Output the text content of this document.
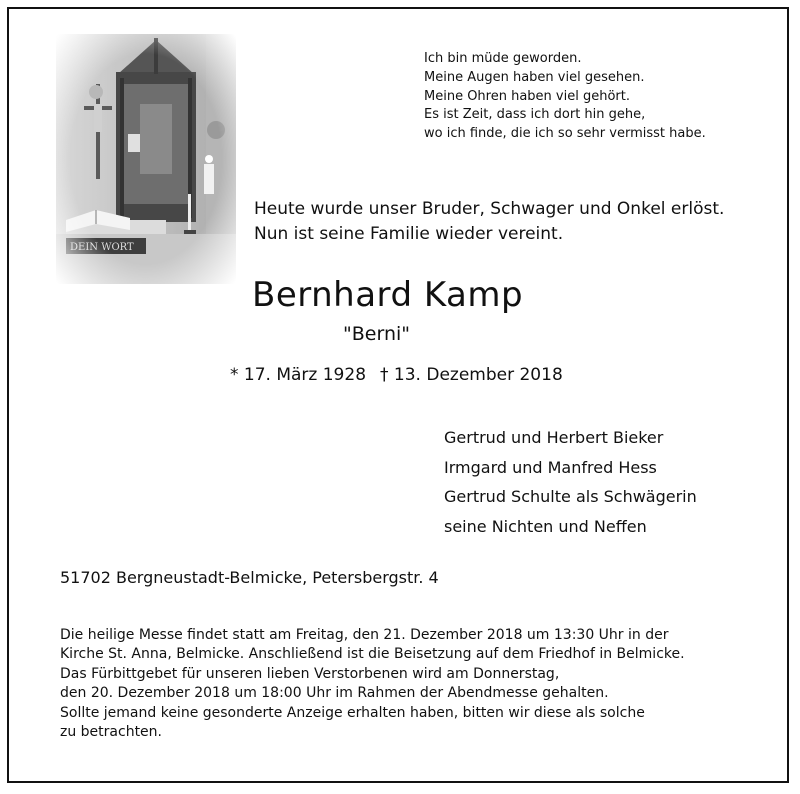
Ich bin müde geworden.
Meine Augen haben viel gesehen.
Meine Ohren haben viel gehört.
Es ist Zeit, dass ich dort hin gehe,
wo ich finde, die ich so sehr vermisst habe.
Heute wurde unser Bruder, Schwager und Onkel erlöst.
Nun ist seine Familie wieder vereint.
Bernhard Kamp
"Berni"
* 17. März 1928 † 13. Dezember 2018
Gertrud und Herbert Bieker
Irmgard und Manfred Hess
Gertrud Schulte als Schwägerin
seine Nichten und Neffen
51702 Bergneustadt-Belmicke, Petersbergstr. 4
Die heilige Messe findet statt am Freitag, den 21. Dezember 2018 um 13:30 Uhr in der
Kirche St. Anna, Belmicke. Anschließend ist die Beisetzung auf dem Friedhof in Belmicke.
Das Fürbittgebet für unseren lieben Verstorbenen wird am Donnerstag,
den 20. Dezember 2018 um 18:00 Uhr im Rahmen der Abendmesse gehalten.
Sollte jemand keine gesonderte Anzeige erhalten haben, bitten wir diese als solche
zu betrachten.
